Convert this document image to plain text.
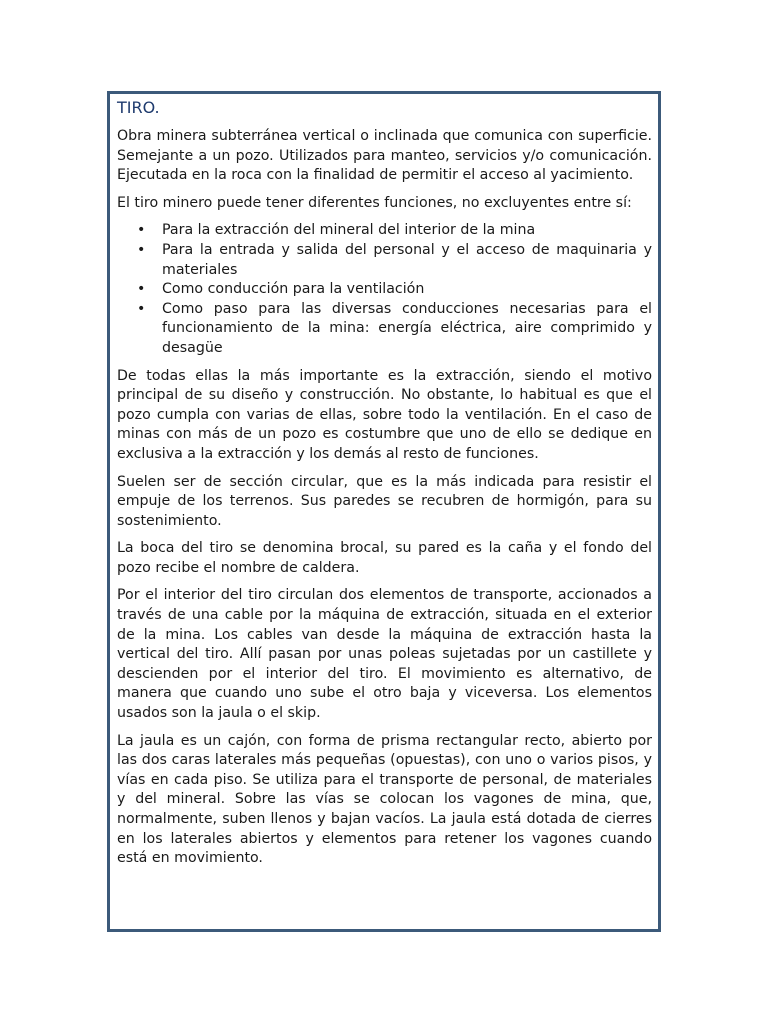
TIRO.

Obra minera subterránea vertical o inclinada que comunica con superficie. Semejante a un pozo. Utilizados para manteo, servicios y/o comunicación. Ejecutada en la roca con la finalidad de permitir el acceso al yacimiento.

El tiro minero puede tener diferentes funciones, no excluyentes entre sí:

• Para la extracción del mineral del interior de la mina
• Para la entrada y salida del personal y el acceso de maquinaria y materiales
• Como conducción para la ventilación
• Como paso para las diversas conducciones necesarias para el funcionamiento de la mina: energía eléctrica, aire comprimido y desagüe

De todas ellas la más importante es la extracción, siendo el motivo principal de su diseño y construcción. No obstante, lo habitual es que el pozo cumpla con varias de ellas, sobre todo la ventilación. En el caso de minas con más de un pozo es costumbre que uno de ello se dedique en exclusiva a la extracción y los demás al resto de funciones.

Suelen ser de sección circular, que es la más indicada para resistir el empuje de los terrenos. Sus paredes se recubren de hormigón, para su sostenimiento.

La boca del tiro se denomina brocal, su pared es la caña y el fondo del pozo recibe el nombre de caldera.

Por el interior del tiro circulan dos elementos de transporte, accionados a través de una cable por la máquina de extracción, situada en el exterior de la mina. Los cables van desde la máquina de extracción hasta la vertical del tiro. Allí pasan por unas poleas sujetadas por un castillete y descienden por el interior del tiro. El movimiento es alternativo, de manera que cuando uno sube el otro baja y viceversa. Los elementos usados son la jaula o el skip.

La jaula es un cajón, con forma de prisma rectangular recto, abierto por las dos caras laterales más pequeñas (opuestas), con uno o varios pisos, y vías en cada piso. Se utiliza para el transporte de personal, de materiales y del mineral. Sobre las vías se colocan los vagones de mina, que, normalmente, suben llenos y bajan vacíos. La jaula está dotada de cierres en los laterales abiertos y elementos para retener los vagones cuando está en movimiento.
